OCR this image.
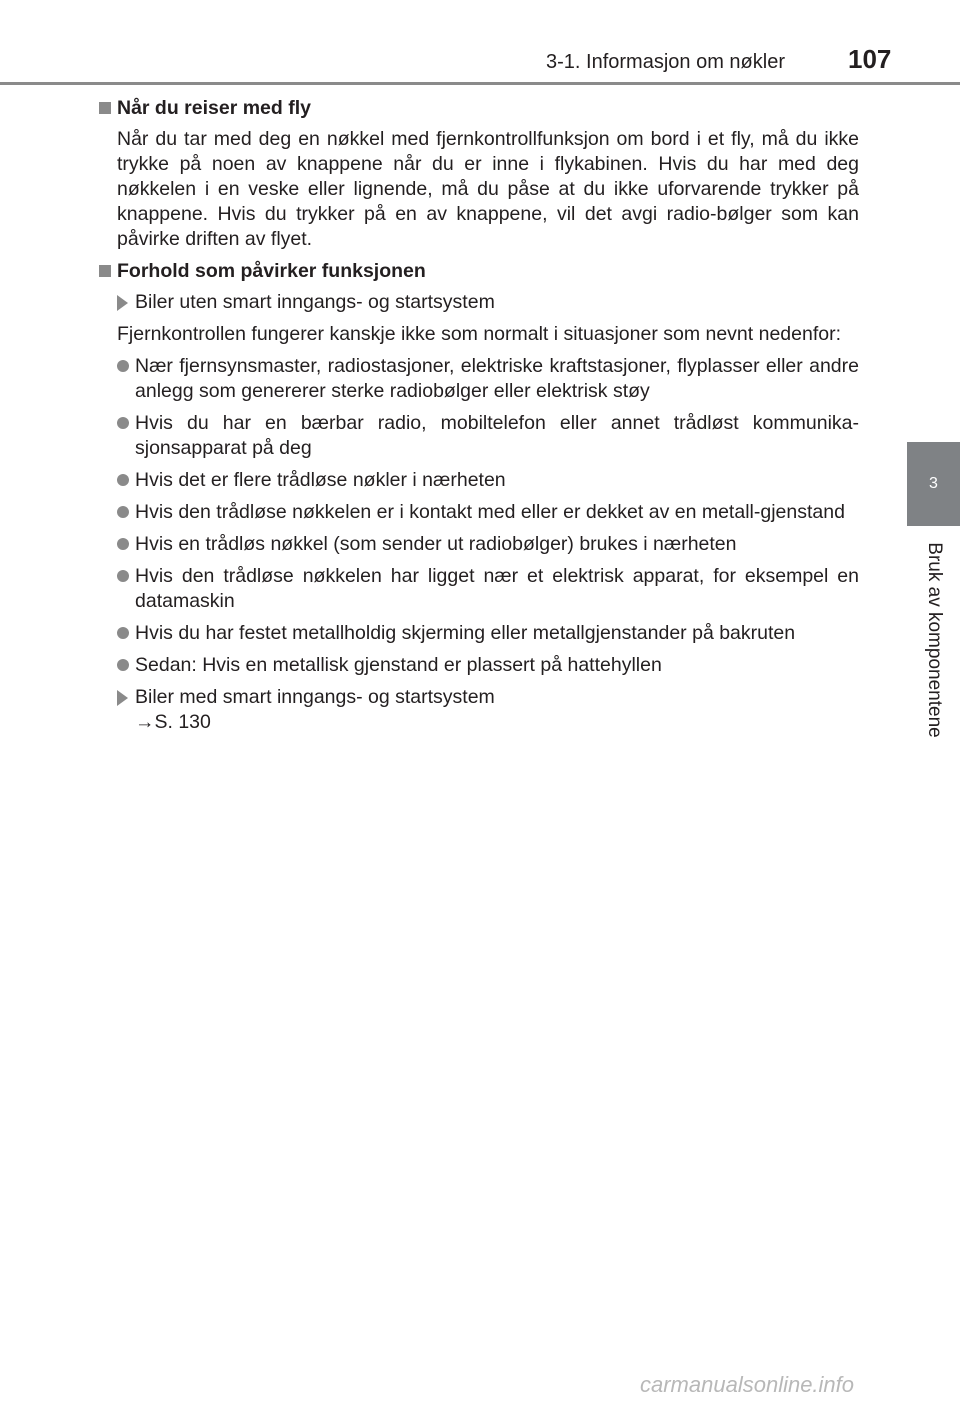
3-1. Informasjon om nøkler 107
3
Bruk av komponentene
Når du reiser med fly
Når du tar med deg en nøkkel med fjernkontrollfunksjon om bord i et fly, må du ikke trykke på noen av knappene når du er inne i flykabinen. Hvis du har med deg nøkkelen i en veske eller lignende, må du påse at du ikke uforvarende trykker på knappene. Hvis du trykker på en av knappene, vil det avgi radio-bølger som kan påvirke driften av flyet.
Forhold som påvirker funksjonen
Biler uten smart inngangs- og startsystem
Fjernkontrollen fungerer kanskje ikke som normalt i situasjoner som nevnt nedenfor:
Nær fjernsynsmaster, radiostasjoner, elektriske kraftstasjoner, flyplasser eller andre anlegg som genererer sterke radiobølger eller elektrisk støy
Hvis du har en bærbar radio, mobiltelefon eller annet trådløst kommunika-sjonsapparat på deg
Hvis det er flere trådløse nøkler i nærheten
Hvis den trådløse nøkkelen er i kontakt med eller er dekket av en metall-gjenstand
Hvis en trådløs nøkkel (som sender ut radiobølger) brukes i nærheten
Hvis den trådløse nøkkelen har ligget nær et elektrisk apparat, for eksempel en datamaskin
Hvis du har festet metallholdig skjerming eller metallgjenstander på bakruten
Sedan: Hvis en metallisk gjenstand er plassert på hattehyllen
Biler med smart inngangs- og startsystem
→S. 130
carmanualsonline.info
